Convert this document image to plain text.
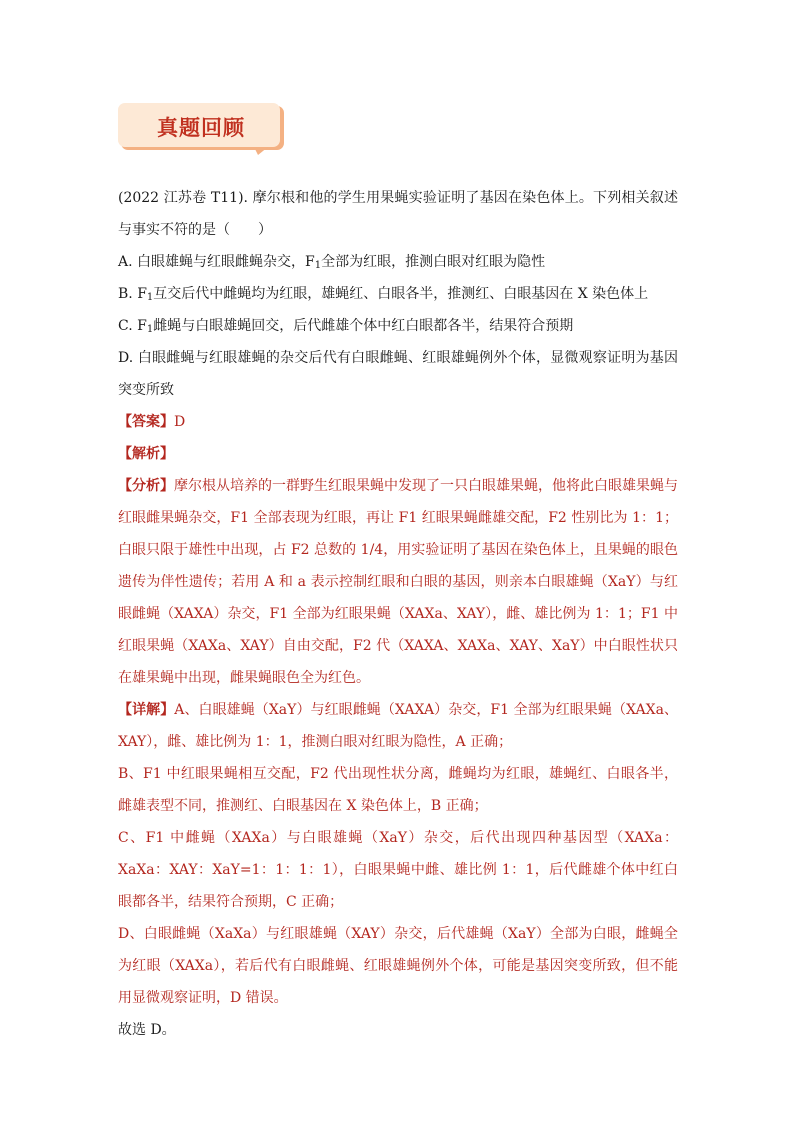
真题回顾

(2022 江苏卷 T11). 摩尔根和他的学生用果蝇实验证明了基因在染色体上。下列相关叙述与事实不符的是（　　）

A. 白眼雄蝇与红眼雌蝇杂交，$F_1$全部为红眼，推测白眼对红眼为隐性

B. $F_1$互交后代中雌蝇均为红眼，雄蝇红、白眼各半，推测红、白眼基因在 X 染色体上

C. $F_1$雌蝇与白眼雄蝇回交，后代雌雄个体中红白眼都各半，结果符合预期

D. 白眼雌蝇与红眼雄蝇的杂交后代有白眼雌蝇、红眼雄蝇例外个体，显微观察证明为基因突变所致

【答案】D

【解析】

【分析】摩尔根从培养的一群野生红眼果蝇中发现了一只白眼雄果蝇，他将此白眼雄果蝇与红眼雌果蝇杂交，F1 全部表现为红眼，再让 F1 红眼果蝇雌雄交配，F2 性别比为 1：1；白眼只限于雄性中出现，占 F2 总数的 1/4，用实验证明了基因在染色体上，且果蝇的眼色遗传为伴性遗传；若用 A 和 a 表示控制红眼和白眼的基因，则亲本白眼雄蝇（XaY）与红眼雌蝇（XAXA）杂交，F1 全部为红眼果蝇（XAXa、XAY），雌、雄比例为 1：1；F1 中红眼果蝇（XAXa、XAY）自由交配，F2 代（XAXA、XAXa、XAY、XaY）中白眼性状只在雄果蝇中出现，雌果蝇眼色全为红色。

【详解】A、白眼雄蝇（XaY）与红眼雌蝇（XAXA）杂交，F1 全部为红眼果蝇（XAXa、XAY），雌、雄比例为 1：1，推测白眼对红眼为隐性，A 正确；

B、F1 中红眼果蝇相互交配，F2 代出现性状分离，雌蝇均为红眼，雄蝇红、白眼各半，雌雄表型不同，推测红、白眼基因在 X 染色体上，B 正确；

C、F1 中雌蝇（XAXa）与白眼雄蝇（XaY）杂交，后代出现四种基因型（XAXa：XaXa：XAY：XaY=1：1：1：1），白眼果蝇中雌、雄比例 1：1，后代雌雄个体中红白眼都各半，结果符合预期，C 正确；

D、白眼雌蝇（XaXa）与红眼雄蝇（XAY）杂交，后代雄蝇（XaY）全部为白眼，雌蝇全为红眼（XAXa），若后代有白眼雌蝇、红眼雄蝇例外个体，可能是基因突变所致，但不能用显微观察证明，D 错误。

故选 D。
